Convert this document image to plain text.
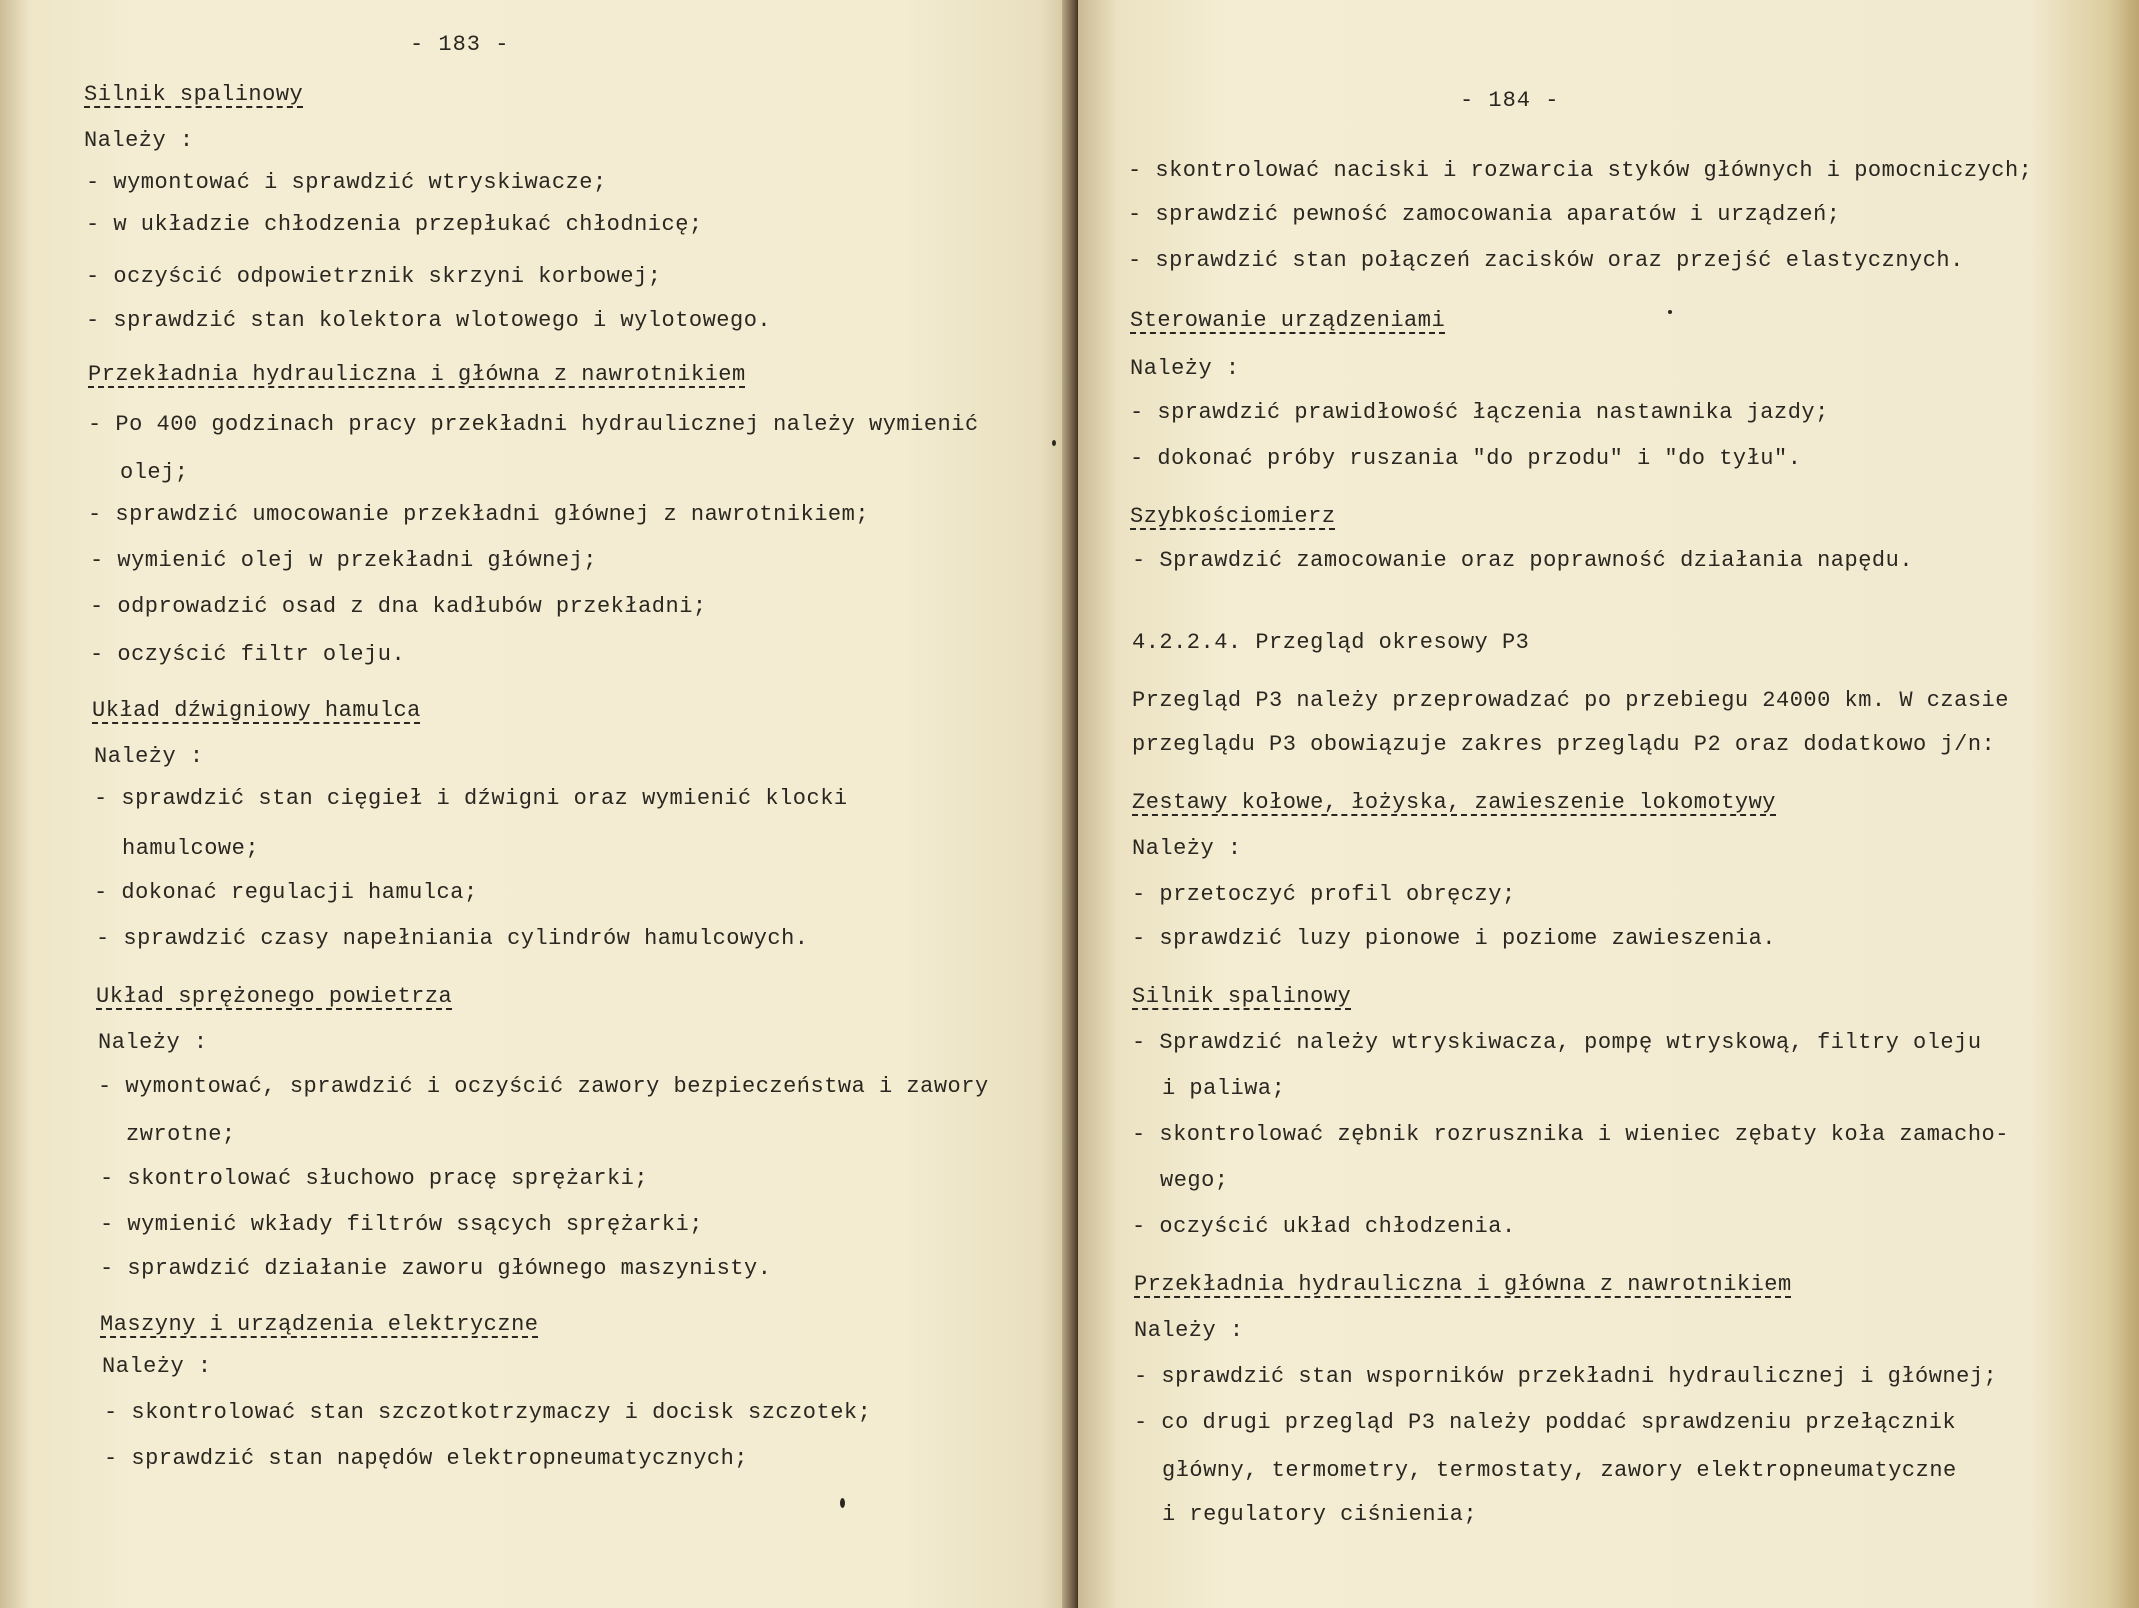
- 183 -
Silnik spalinowy
Należy :
- wymontować i sprawdzić wtryskiwacze;
- w układzie chłodzenia przepłukać chłodnicę;
- oczyścić odpowietrznik skrzyni korbowej;
- sprawdzić stan kolektora wlotowego i wylotowego.
Przekładnia hydrauliczna i główna z nawrotnikiem
- Po 400 godzinach pracy przekładni hydraulicznej należy wymienić
olej;
- sprawdzić umocowanie przekładni głównej z nawrotnikiem;
- wymienić olej w przekładni głównej;
- odprowadzić osad z dna kadłubów przekładni;
- oczyścić filtr oleju.
Układ dźwigniowy hamulca
Należy :
- sprawdzić stan cięgieł i dźwigni oraz wymienić klocki
hamulcowe;
- dokonać regulacji hamulca;
- sprawdzić czasy napełniania cylindrów hamulcowych.
Układ sprężonego powietrza
Należy :
- wymontować, sprawdzić i oczyścić zawory bezpieczeństwa i zawory
zwrotne;
- skontrolować słuchowo pracę sprężarki;
- wymienić wkłady filtrów ssących sprężarki;
- sprawdzić działanie zaworu głównego maszynisty.
Maszyny i urządzenia elektryczne
Należy :
- skontrolować stan szczotkotrzymaczy i docisk szczotek;
- sprawdzić stan napędów elektropneumatycznych;
- 184 -
- skontrolować naciski i rozwarcia styków głównych i pomocniczych;
- sprawdzić pewność zamocowania aparatów i urządzeń;
- sprawdzić stan połączeń zacisków oraz przejść elastycznych.
Sterowanie urządzeniami
Należy :
- sprawdzić prawidłowość łączenia nastawnika jazdy;
- dokonać próby ruszania "do przodu" i "do tyłu".
Szybkościomierz
- Sprawdzić zamocowanie oraz poprawność działania napędu.
4.2.2.4. Przegląd okresowy P3
Przegląd P3 należy przeprowadzać po przebiegu 24000 km. W czasie
przeglądu P3 obowiązuje zakres przeglądu P2 oraz dodatkowo j/n:
Zestawy kołowe, łożyska, zawieszenie lokomotywy
Należy :
- przetoczyć profil obręczy;
- sprawdzić luzy pionowe i poziome zawieszenia.
Silnik spalinowy
- Sprawdzić należy wtryskiwacza, pompę wtryskową, filtry oleju
i paliwa;
- skontrolować zębnik rozrusznika i wieniec zębaty koła zamacho-
wego;
- oczyścić układ chłodzenia.
Przekładnia hydrauliczna i główna z nawrotnikiem
Należy :
- sprawdzić stan wsporników przekładni hydraulicznej i głównej;
- co drugi przegląd P3 należy poddać sprawdzeniu przełącznik
główny, termometry, termostaty, zawory elektropneumatyczne
i regulatory ciśnienia;
